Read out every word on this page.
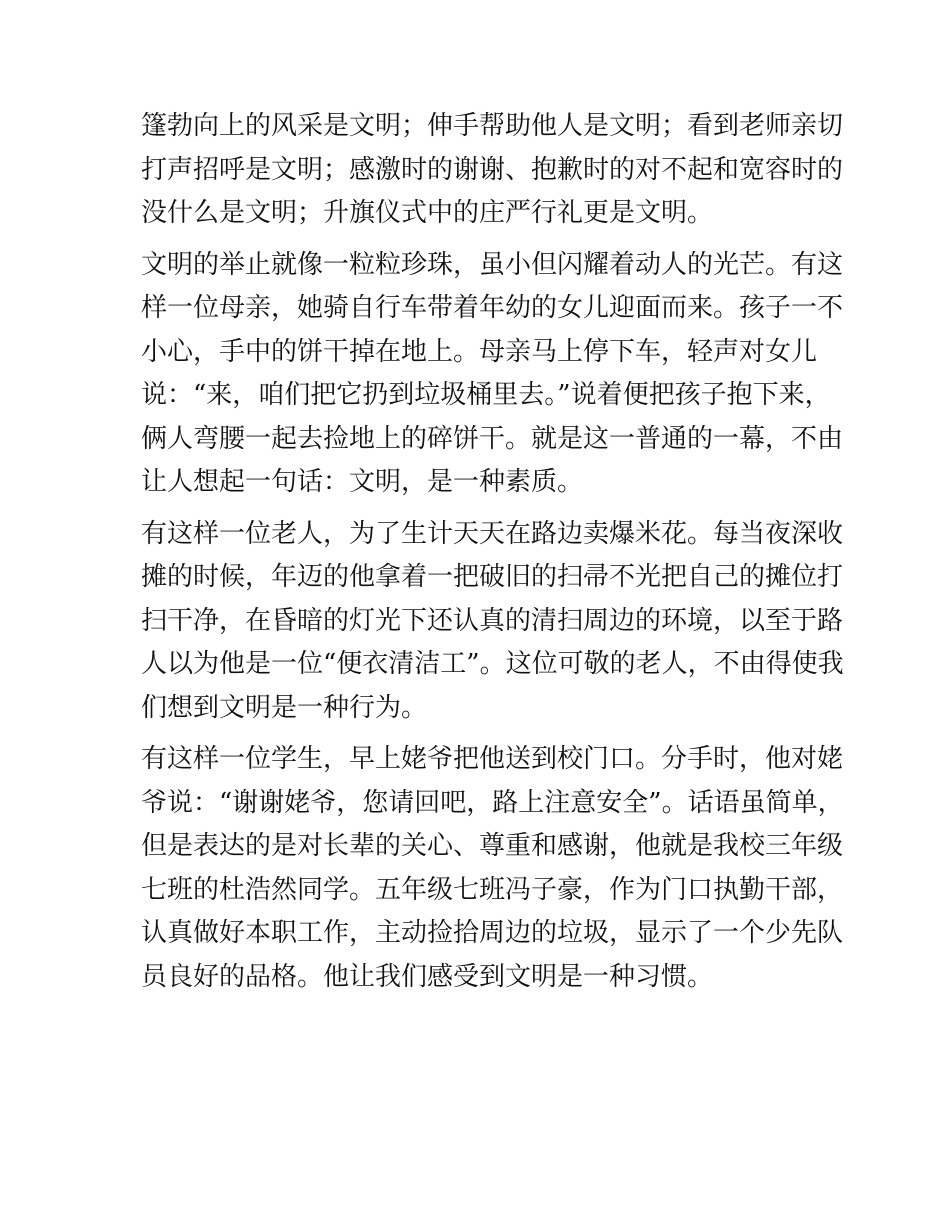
篷勃向上的风采是文明；伸手帮助他人是文明；看到老师亲切
打声招呼是文明；感激时的谢谢、抱歉时的对不起和宽容时的
没什么是文明；升旗仪式中的庄严行礼更是文明。
文明的举止就像一粒粒珍珠，虽小但闪耀着动人的光芒。有这
样一位母亲，她骑自行车带着年幼的女儿迎面而来。孩子一不
小心，手中的饼干掉在地上。母亲马上停下车，轻声对女儿
说：“来，咱们把它扔到垃圾桶里去。”说着便把孩子抱下来，
俩人弯腰一起去捡地上的碎饼干。就是这一普通的一幕，不由
让人想起一句话：文明，是一种素质。
有这样一位老人，为了生计天天在路边卖爆米花。每当夜深收
摊的时候，年迈的他拿着一把破旧的扫帚不光把自己的摊位打
扫干净，在昏暗的灯光下还认真的清扫周边的环境，以至于路
人以为他是一位“便衣清洁工”。这位可敬的老人，不由得使我
们想到文明是一种行为。
有这样一位学生，早上姥爷把他送到校门口。分手时，他对姥
爷说：“谢谢姥爷，您请回吧，路上注意安全”。话语虽简单，
但是表达的是对长辈的关心、尊重和感谢，他就是我校三年级
七班的杜浩然同学。五年级七班冯子豪，作为门口执勤干部，
认真做好本职工作，主动捡拾周边的垃圾，显示了一个少先队
员良好的品格。他让我们感受到文明是一种习惯。
